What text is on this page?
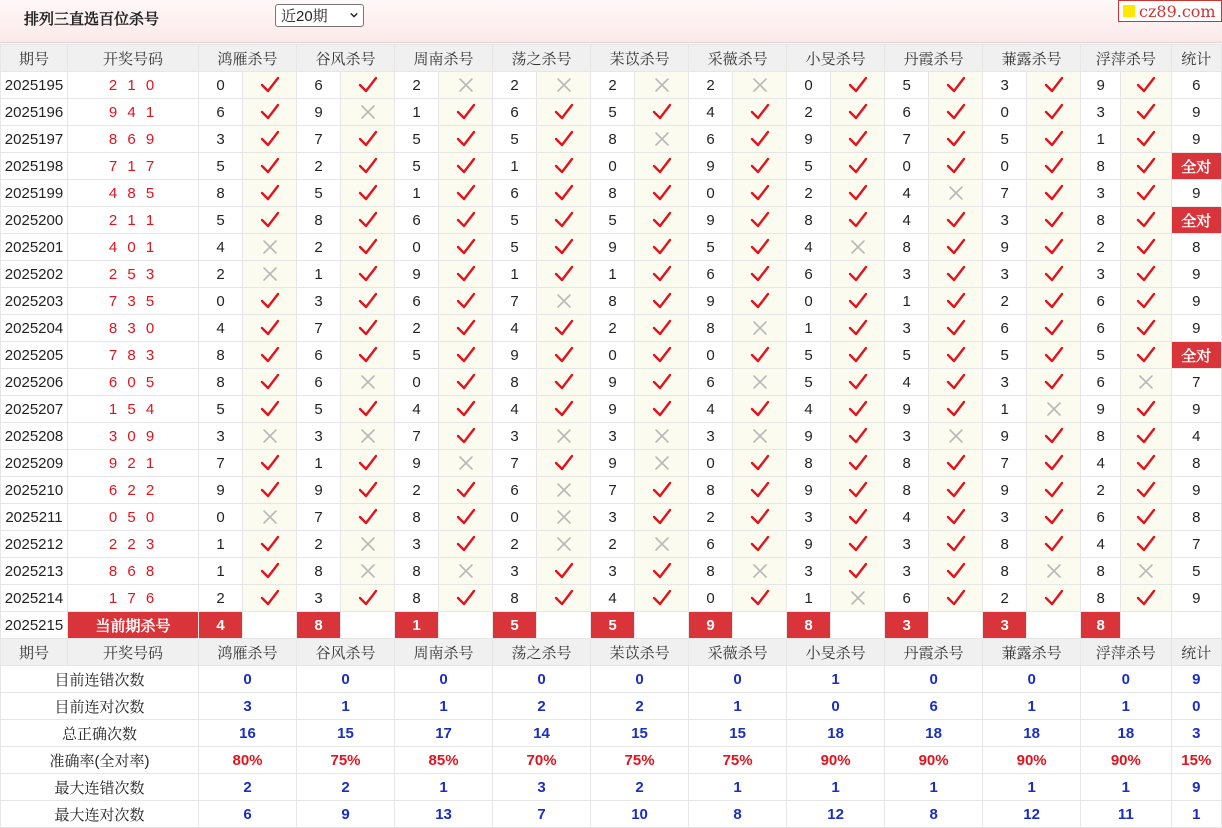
排列三直选百位杀号	近20期	cz89.com
期号	开奖号码	鸿雁杀号		谷风杀号		周南杀号		荡之杀号		苿苡杀号		采薇杀号		小旻杀号		丹霞杀号		蒹露杀号		浮萍杀号		统计
2025195	2 1 0	0		6		2		2		2		2		0		5		3		9		6
2025196	9 4 1	6		9		1		6		5		4		2		6		0		3		9
2025197	8 6 9	3		7		5		5		8		6		9		7		5		1		9
2025198	7 1 7	5		2		5		1		0		9		5		0		0		8		全对
2025199	4 8 5	8		5		1		6		8		0		2		4		7		3		9
2025200	2 1 1	5		8		6		5		5		9		8		4		3		8		全对
2025201	4 0 1	4		2		0		5		9		5		4		8		9		2		8
2025202	2 5 3	2		1		9		1		1		6		6		3		3		3		9
2025203	7 3 5	0		3		6		7		8		9		0		1		2		6		9
2025204	8 3 0	4		7		2		4		2		8		1		3		6		6		9
2025205	7 8 3	8		6		5		9		0		0		5		5		5		5		全对
2025206	6 0 5	8		6		0		8		9		6		5		4		3		6		7
2025207	1 5 4	5		5		4		4		9		4		4		9		1		9		9
2025208	3 0 9	3		3		7		3		3		3		9		3		9		8		4
2025209	9 2 1	7		1		9		7		9		0		8		8		7		4		8
2025210	6 2 2	9		9		2		6		7		8		9		8		9		2		9
2025211	0 5 0	0		7		8		0		3		2		3		4		3		6		8
2025212	2 2 3	1		2		3		2		2		6		9		3		8		4		7
2025213	8 6 8	1		8		8		3		3		8		3		3		8		8		5
2025214	1 7 6	2		3		8		8		4		0		1		6		2		8		9
2025215	当前期杀号	4		8		1		5		5		9		8		3		3		8		
期号	开奖号码	鸿雁杀号		谷风杀号		周南杀号		荡之杀号		苿苡杀号		采薇杀号		小旻杀号		丹霞杀号		蒹露杀号		浮萍杀号		统计
目前连错次数		0		0		0		0		0		0		1		0		0		0		9
目前连对次数		3		1		1		2		2		1		0		6		1		1		0
总正确次数		16		15		17		14		15		15		18		18		18		18		3
准确率(全对率)		80%		75%		85%		70%		75%		75%		90%		90%		90%		90%		15%
最大连错次数		2		2		1		3		2		1		1		1		1		1		9
最大连对次数		6		9		13		7		10		8		12		8		12		11		1
